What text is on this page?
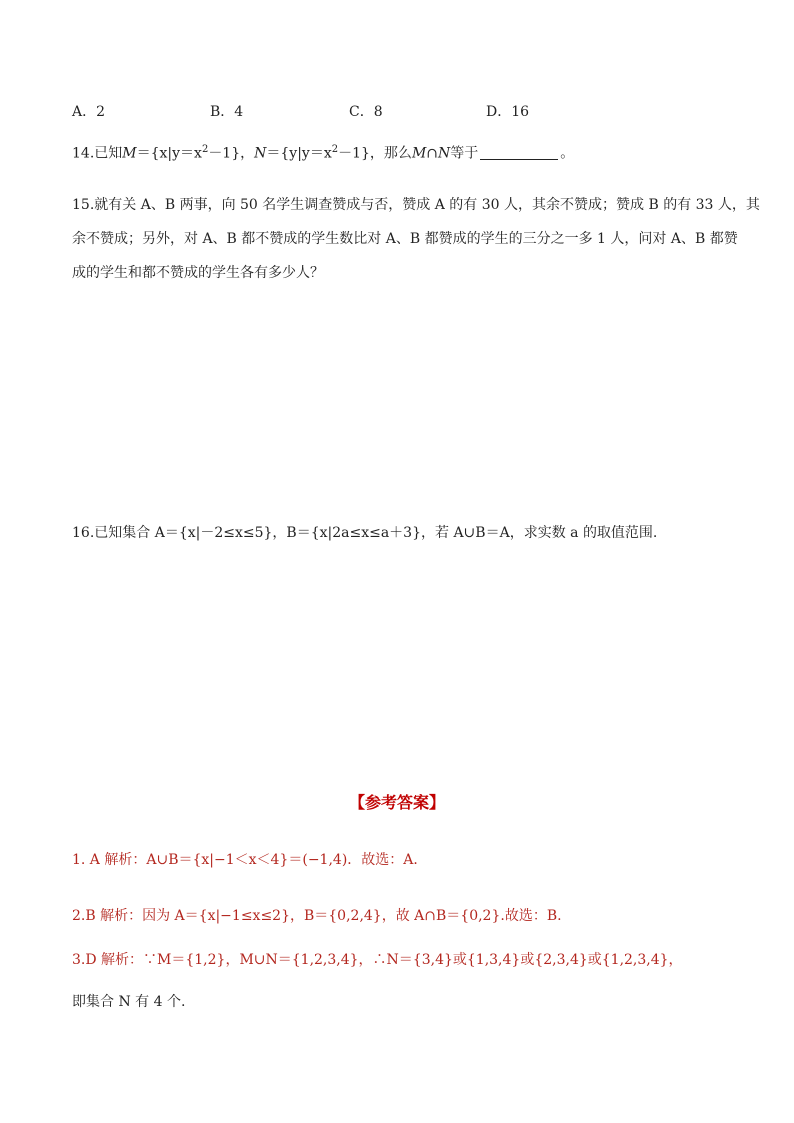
A．2	B．4	C．8	D．16
14.已知$M=\{x|y=x^2-1\}$，$N=\{y|y=x^2-1\}$，那么M∩N等于	。
15.就有关 A、B 两事，向 50 名学生调查赞成与否，赞成 A 的有 30 人，其余不赞成；赞成 B 的有 33 人，其
余不赞成；另外，对 A、B 都不赞成的学生数比对 A、B 都赞成的学生的三分之一多 1 人，问对 A、B 都赞
成的学生和都不赞成的学生各有多少人？
16.已知集合 A＝{x|－2≤x≤5}，B＝{x|2a≤x≤a＋3}，若 A∪B＝A，求实数 a 的取值范围.
【参考答案】
1. A 解析：A∪B＝{x|−1＜x＜4}＝(−1,4)．故选：A．
2.B 解析：因为 A＝{x|−1≤x≤2}，B＝{0,2,4}，故 A∩B＝{0,2}.故选：B.
3.D 解析：∵M＝{1,2}，M∪N＝{1,2,3,4}，∴N＝{3,4}或{1,3,4}或{2,3,4}或{1,2,3,4}，
即集合 N 有 4 个.
